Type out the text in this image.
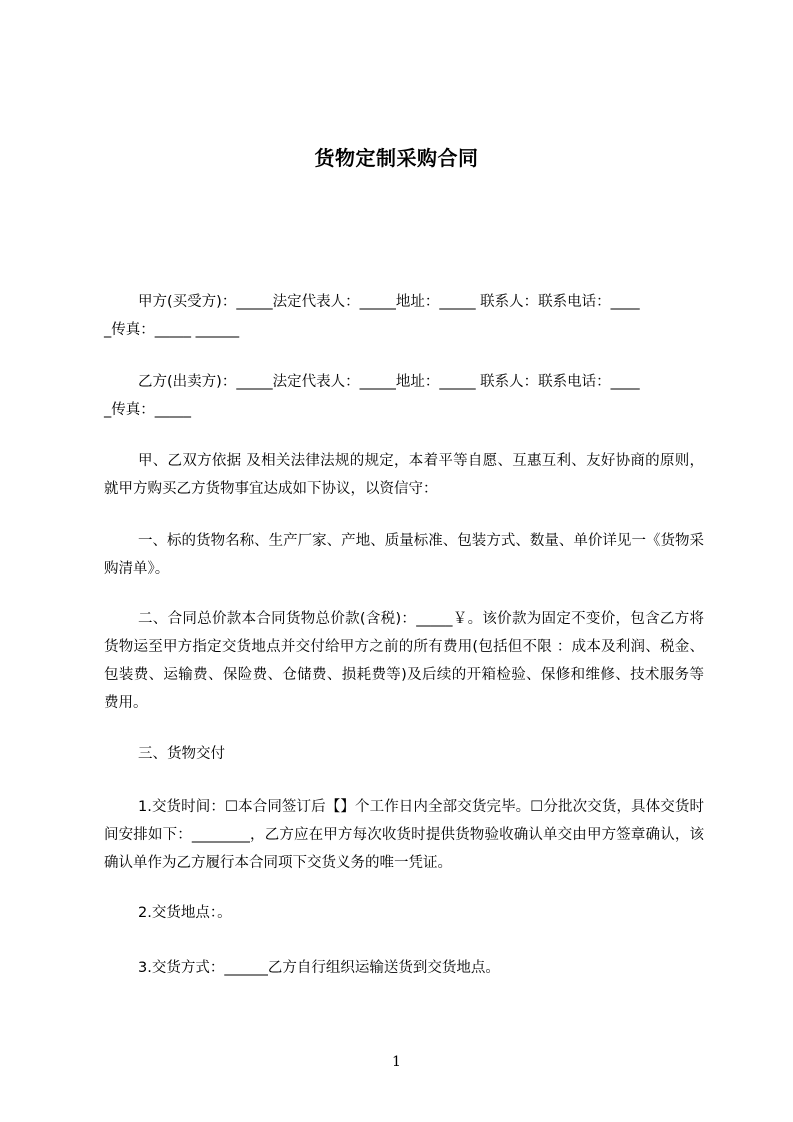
货物定制采购合同
甲方(买受方)：_____法定代表人：_____地址：_____ 联系人：联系电话：____
_传真：_____ ______
乙方(出卖方)：_____法定代表人：_____地址：_____ 联系人：联系电话：____
_传真：_____
甲、乙双方依据 及相关法律法规的规定，本着平等自愿、互惠互利、友好协商的原则，就甲方购买乙方货物事宜达成如下协议，以资信守：
一、标的货物名称、生产厂家、产地、质量标准、包装方式、数量、单价详见一《货物采购清单》。
二、合同总价款本合同货物总价款(含税)：_____￥。该价款为固定不变价，包含乙方将货物运至甲方指定交货地点并交付给甲方之前的所有费用(包括但不限 ：成本及利润、税金、包装费、运输费、保险费、仓储费、损耗费等)及后续的开箱检验、保修和维修、技术服务等费用。
三、货物交付
1.交货时间：☐本合同签订后【】个工作日内全部交货完毕。☐分批次交货，具体交货时间安排如下：________，乙方应在甲方每次收货时提供货物验收确认单交由甲方签章确认，该确认单作为乙方履行本合同项下交货义务的唯一凭证。
2.交货地点：。
3.交货方式：______乙方自行组织运输送货到交货地点。
1
